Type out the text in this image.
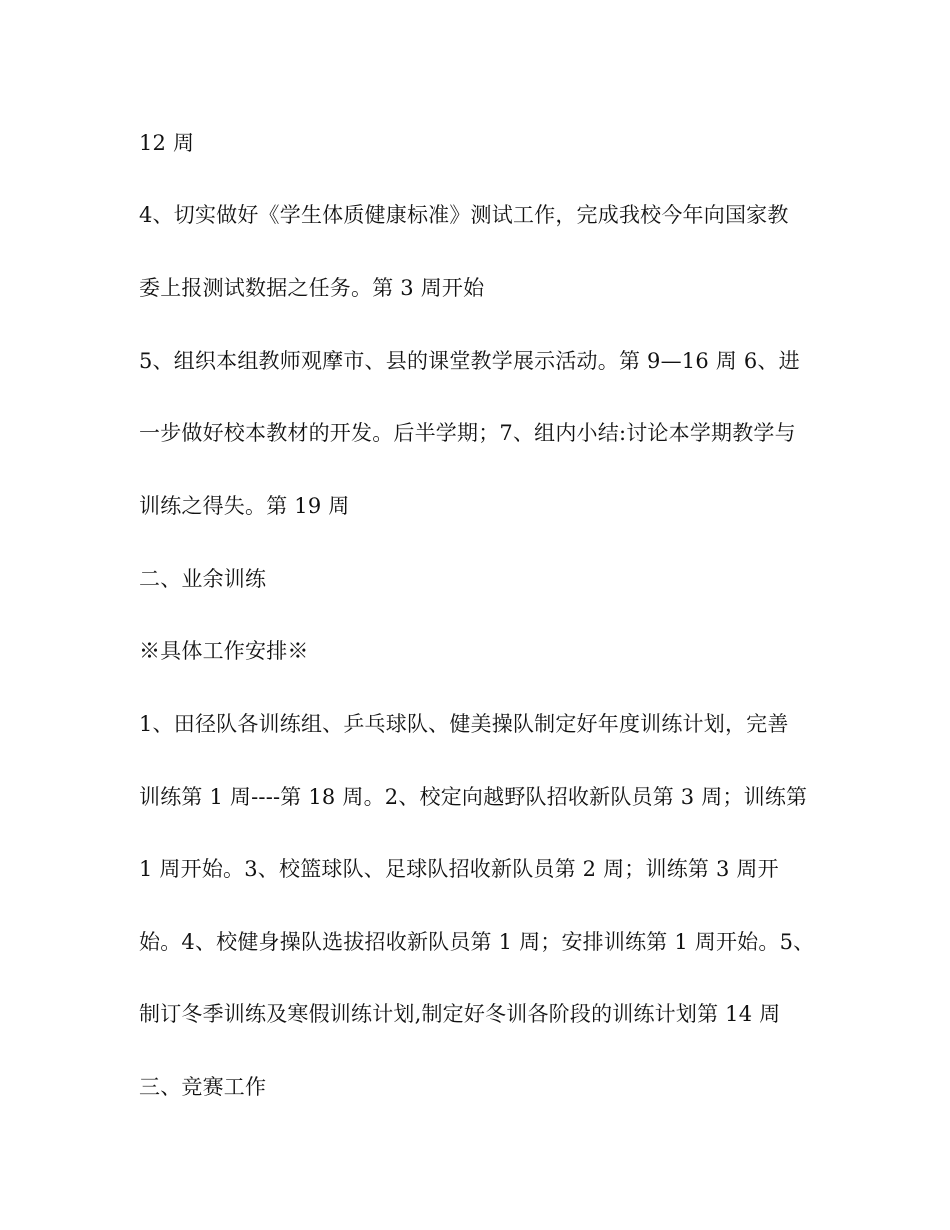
12 周
4、切实做好《学生体质健康标准》测试工作，完成我校今年向国家教
委上报测试数据之任务。第 3 周开始
5、组织本组教师观摩市、县的课堂教学展示活动。第 9—16 周 6、进
一步做好校本教材的开发。后半学期；7、组内小结:讨论本学期教学与
训练之得失。第 19 周
二、业余训练
※具体工作安排※
1、田径队各训练组、乒乓球队、健美操队制定好年度训练计划，完善
训练第 1 周----第 18 周。2、校定向越野队招收新队员第 3 周；训练第
1 周开始。3、校篮球队、足球队招收新队员第 2 周；训练第 3 周开
始。4、校健身操队选拔招收新队员第 1 周；安排训练第 1 周开始。5、
制订冬季训练及寒假训练计划,制定好冬训各阶段的训练计划第 14 周
三、竞赛工作
